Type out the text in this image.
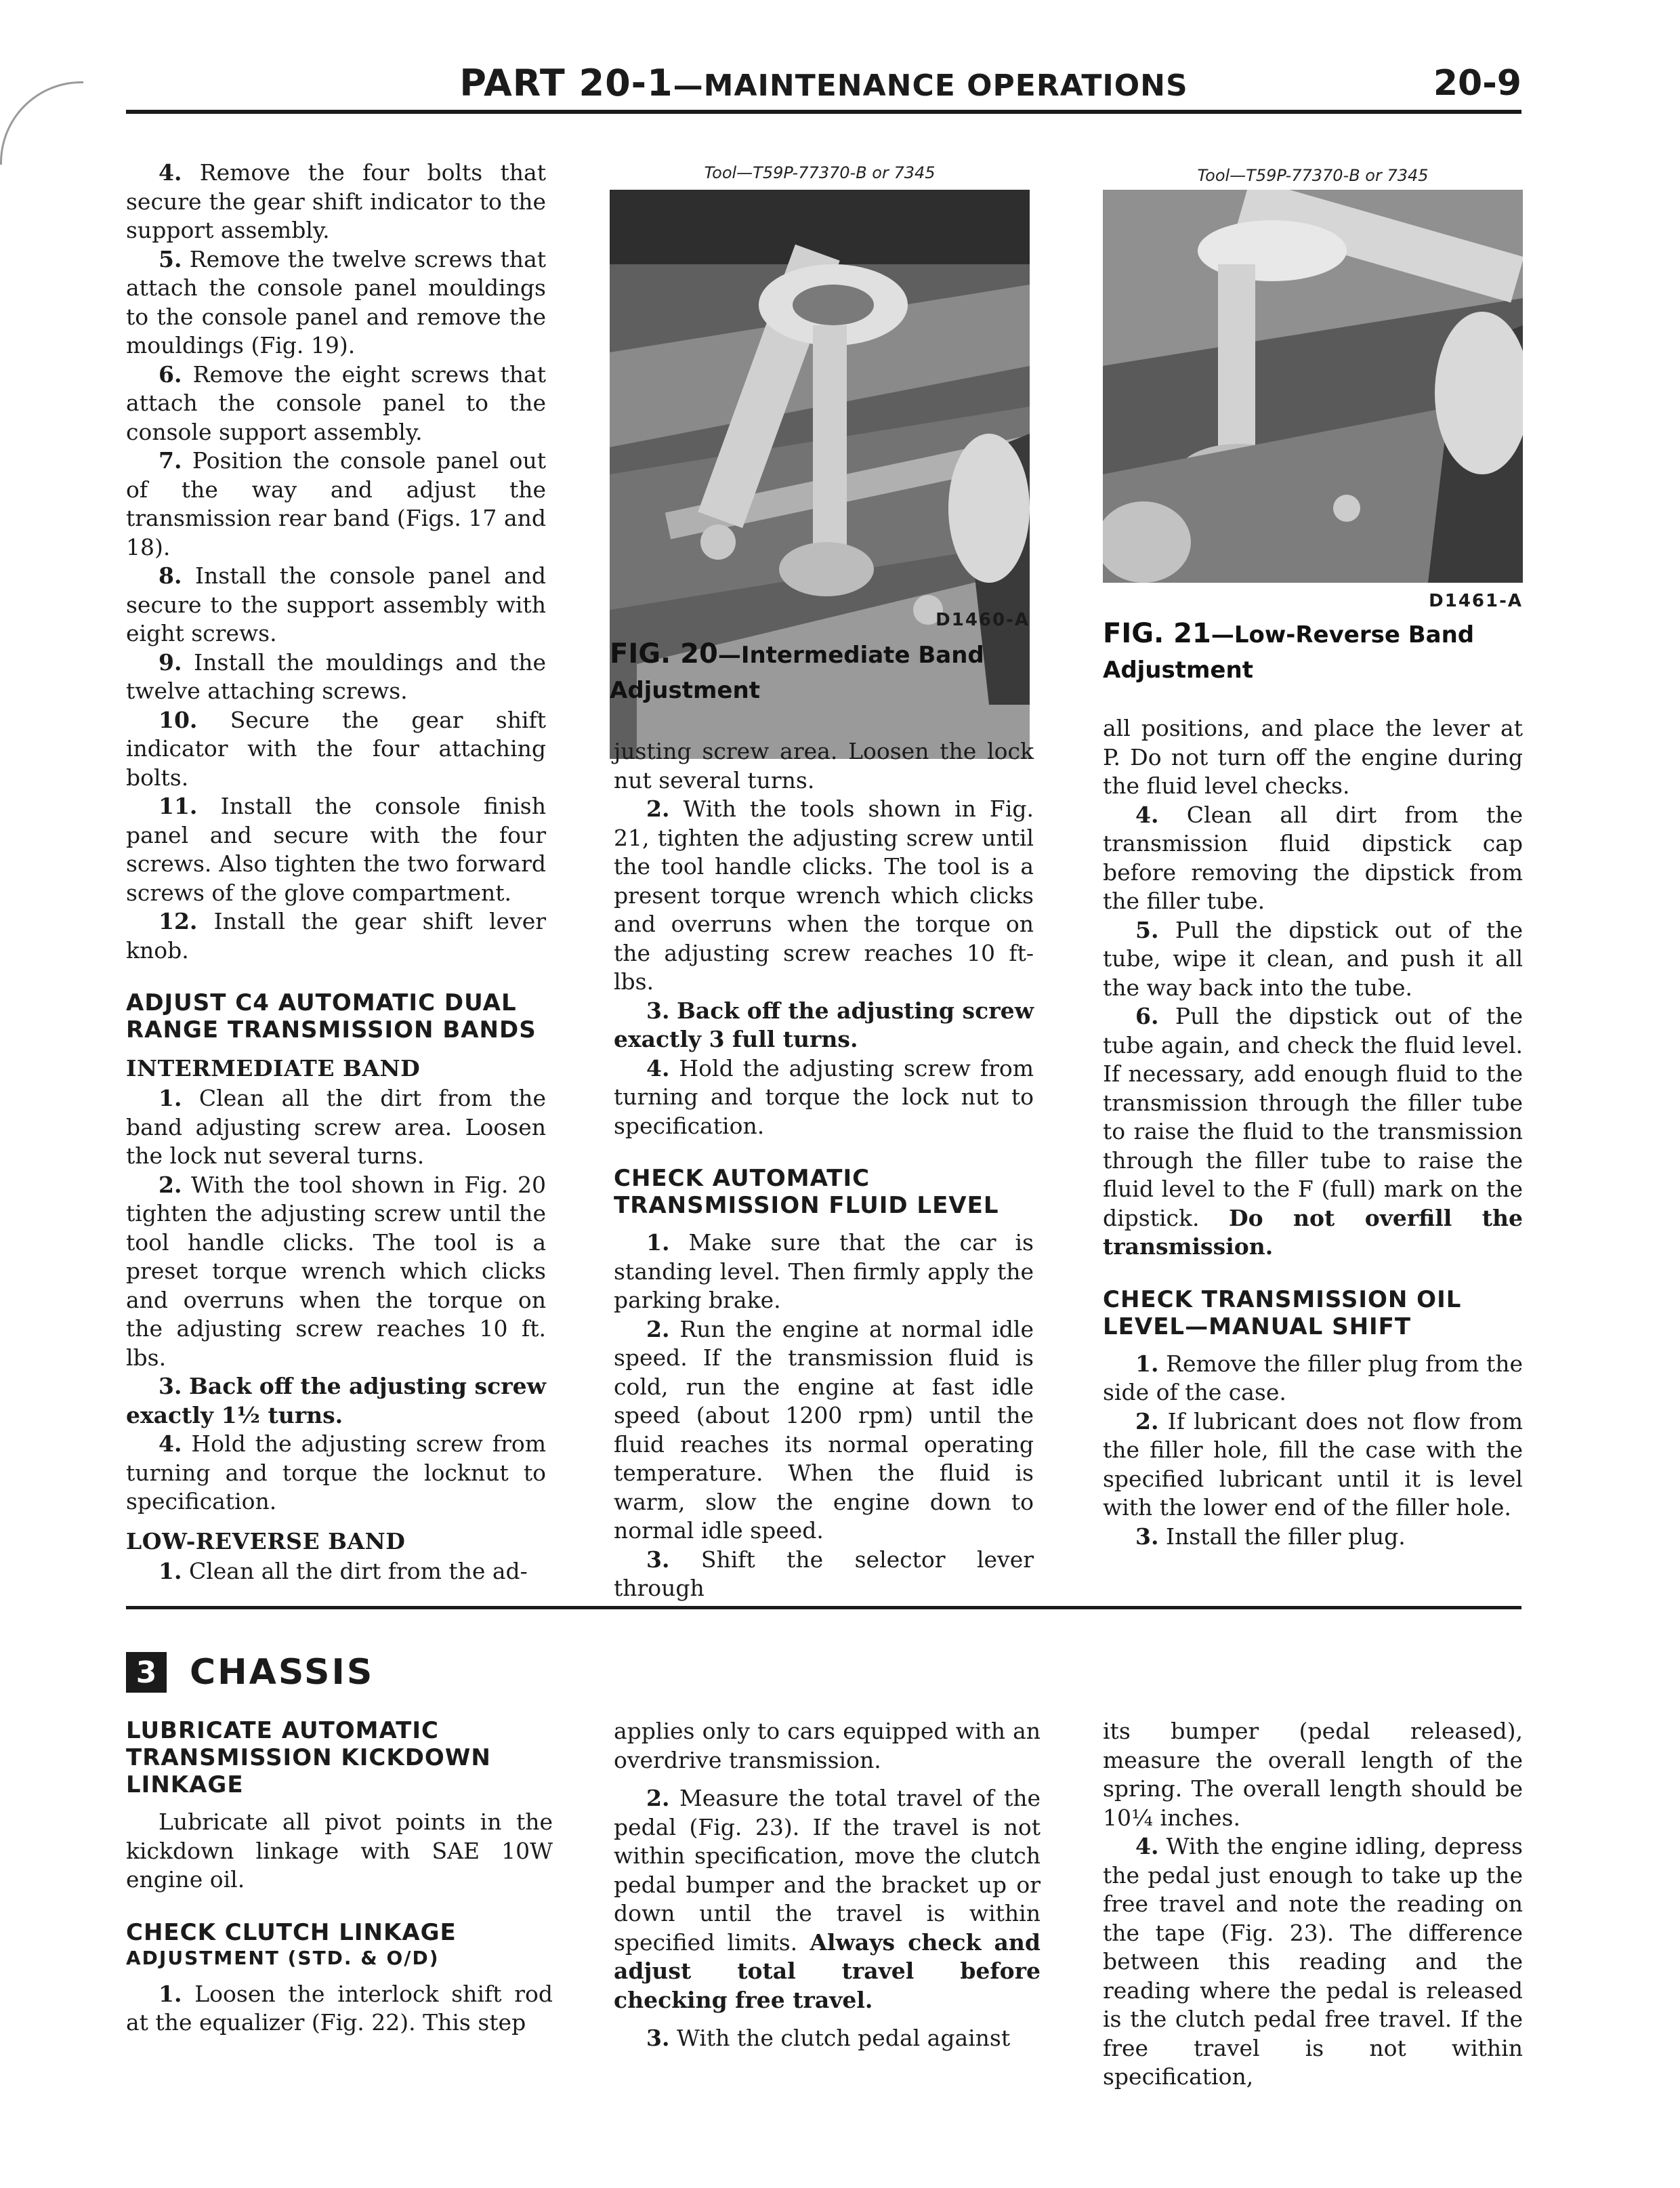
PART 20-1—MAINTENANCE OPERATIONS	20-9

4. Remove the four bolts that secure the gear shift indicator to the support assembly.

5. Remove the twelve screws that attach the console panel mouldings to the console panel and remove the mouldings (Fig. 19).

6. Remove the eight screws that attach the console panel to the console support assembly.

7. Position the console panel out of the way and adjust the transmission rear band (Figs. 17 and 18).

8. Install the console panel and secure to the support assembly with eight screws.

9. Install the mouldings and the twelve attaching screws.

10. Secure the gear shift indicator with the four attaching bolts.

11. Install the console finish panel and secure with the four screws. Also tighten the two forward screws of the glove compartment.

12. Install the gear shift lever knob.

ADJUST C4 AUTOMATIC DUAL RANGE TRANSMISSION BANDS
INTERMEDIATE BAND

1. Clean all the dirt from the band adjusting screw area. Loosen the lock nut several turns.

2. With the tool shown in Fig. 20 tighten the adjusting screw until the tool handle clicks. The tool is a preset torque wrench which clicks and overruns when the torque on the adjusting screw reaches 10 ft. lbs.

3. Back off the adjusting screw exactly 1½ turns.

4. Hold the adjusting screw from turning and torque the locknut to specification.

LOW-REVERSE BAND

1. Clean all the dirt from the ad-

Tool—T59P-77370-B or 7345
D1460-A
FIG. 20—Intermediate Band
Adjustment
Tool—T59P-77370-B or 7345
D1461-A
FIG. 21—Low-Reverse Band
Adjustment

justing screw area. Loosen the lock nut several turns.

2. With the tools shown in Fig. 21, tighten the adjusting screw until the tool handle clicks. The tool is a present torque wrench which clicks and overruns when the torque on the adjusting screw reaches 10 ft-lbs.

3. Back off the adjusting screw exactly 3 full turns.

4. Hold the adjusting screw from turning and torque the lock nut to specification.

CHECK AUTOMATIC TRANSMISSION FLUID LEVEL

1. Make sure that the car is standing level. Then firmly apply the parking brake.

2. Run the engine at normal idle speed. If the transmission fluid is cold, run the engine at fast idle speed (about 1200 rpm) until the fluid reaches its normal operating temperature. When the fluid is warm, slow the engine down to normal idle speed.

3. Shift the selector lever through

all positions, and place the lever at P. Do not turn off the engine during the fluid level checks.

4. Clean all dirt from the transmission fluid dipstick cap before removing the dipstick from the filler tube.

5. Pull the dipstick out of the tube, wipe it clean, and push it all the way back into the tube.

6. Pull the dipstick out of the tube again, and check the fluid level. If necessary, add enough fluid to the transmission through the filler tube to raise the fluid to the transmission through the filler tube to raise the fluid level to the F (full) mark on the dipstick. Do not overfill the transmission.

CHECK TRANSMISSION OIL LEVEL—MANUAL SHIFT

1. Remove the filler plug from the side of the case.

2. If lubricant does not flow from the filler hole, fill the case with the specified lubricant until it is level with the lower end of the filler hole.

3. Install the filler plug.

3 CHASSIS
LUBRICATE AUTOMATIC TRANSMISSION KICKDOWN LINKAGE

Lubricate all pivot points in the kickdown linkage with SAE 10W engine oil.

CHECK CLUTCH LINKAGE
ADJUSTMENT (STD. & O/D)

1. Loosen the interlock shift rod at the equalizer (Fig. 22). This step

applies only to cars equipped with an overdrive transmission.

2. Measure the total travel of the pedal (Fig. 23). If the travel is not within specification, move the clutch pedal bumper and the bracket up or down until the travel is within specified limits. Always check and adjust total travel before checking free travel.

3. With the clutch pedal against

its bumper (pedal released), measure the overall length of the spring. The overall length should be 10¼ inches.

4. With the engine idling, depress the pedal just enough to take up the free travel and note the reading on the tape (Fig. 23). The difference between this reading and the reading where the pedal is released is the clutch pedal free travel. If the free travel is not within specification,
